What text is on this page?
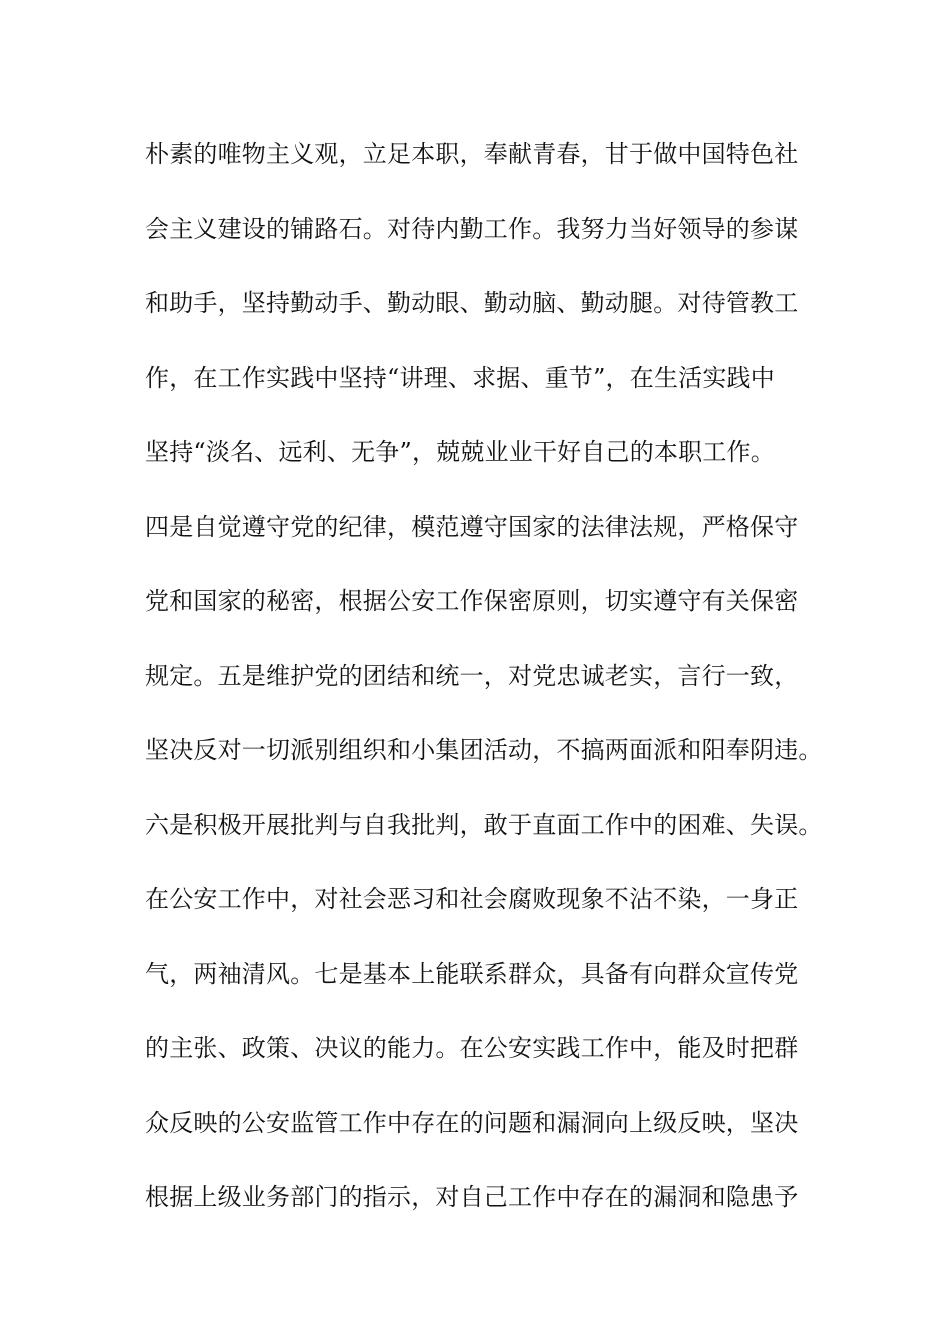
朴素的唯物主义观，立足本职，奉献青春，甘于做中国特色社
会主义建设的铺路石。对待内勤工作。我努力当好领导的参谋
和助手，坚持勤动手、勤动眼、勤动脑、勤动腿。对待管教工
作，在工作实践中坚持“讲理、求据、重节”，在生活实践中
坚持“淡名、远利、无争”，兢兢业业干好自己的本职工作。
四是自觉遵守党的纪律，模范遵守国家的法律法规，严格保守
党和国家的秘密，根据公安工作保密原则，切实遵守有关保密
规定。五是维护党的团结和统一，对党忠诚老实，言行一致，
坚决反对一切派别组织和小集团活动，不搞两面派和阳奉阴违。
六是积极开展批判与自我批判，敢于直面工作中的困难、失误。
在公安工作中，对社会恶习和社会腐败现象不沾不染，一身正
气，两袖清风。七是基本上能联系群众，具备有向群众宣传党
的主张、政策、决议的能力。在公安实践工作中，能及时把群
众反映的公安监管工作中存在的问题和漏洞向上级反映，坚决
根据上级业务部门的指示，对自己工作中存在的漏洞和隐患予
